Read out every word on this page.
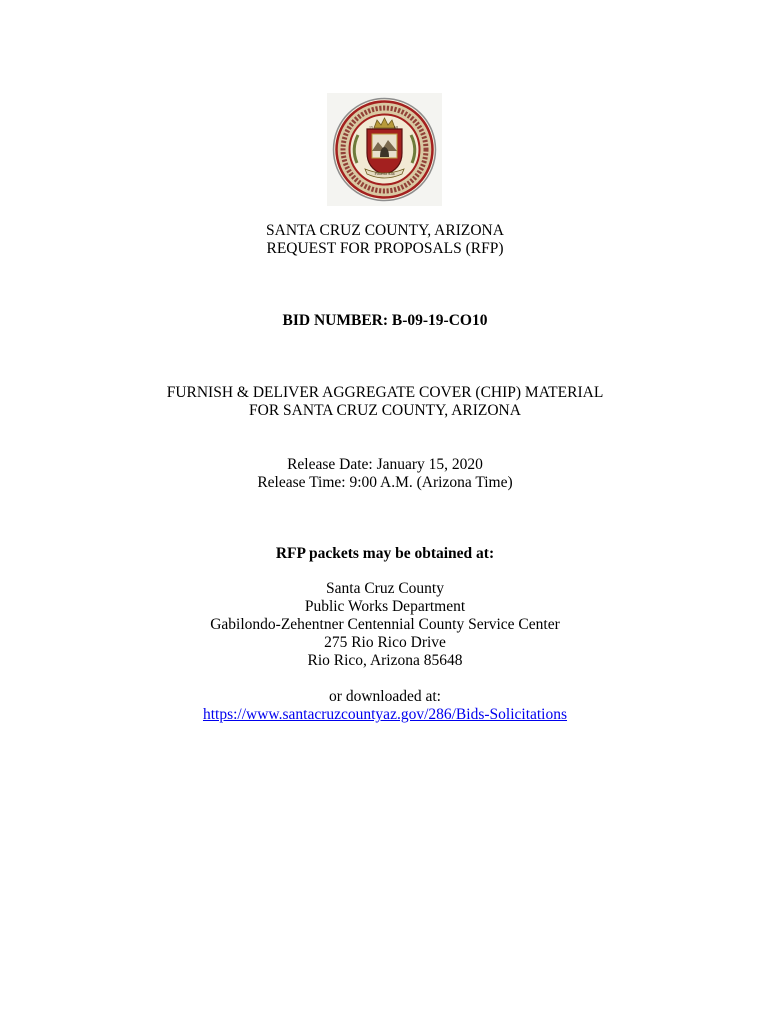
Pimeria Alta
15	68
SANTA CRUZ COUNTY, ARIZONA
REQUEST FOR PROPOSALS (RFP)
BID NUMBER: B-09-19-CO10
FURNISH & DELIVER AGGREGATE COVER (CHIP) MATERIAL
FOR SANTA CRUZ COUNTY, ARIZONA
Release Date: January 15, 2020
Release Time: 9:00 A.M. (Arizona Time)
RFP packets may be obtained at:
Santa Cruz County
Public Works Department
Gabilondo-Zehentner Centennial County Service Center
275 Rio Rico Drive
Rio Rico, Arizona 85648
or downloaded at:
https://www.santacruzcountyaz.gov/286/Bids-Solicitations
